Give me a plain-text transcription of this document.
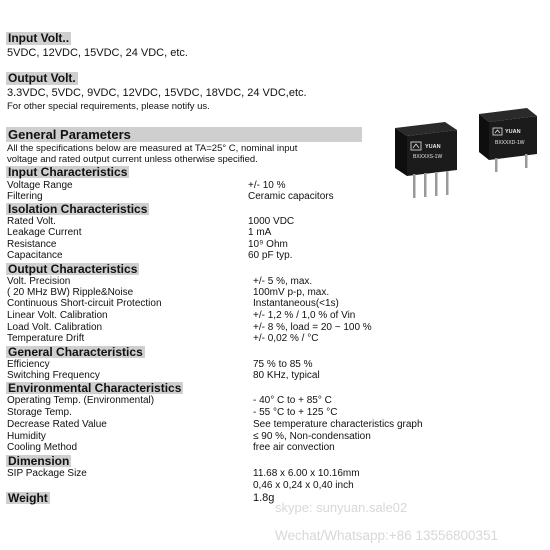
Input Volt..
5VDC, 12VDC, 15VDC, 24 VDC, etc.
Output Volt.
3.3VDC, 5VDC, 9VDC, 12VDC, 15VDC, 18VDC, 24 VDC,etc.
For other special requirements, please notify us.
General Parameters
All the specifications below are measured at TA=25° C, nominal input
voltage and rated output current unless otherwise specified.
Input Characteristics
Voltage Range	+/- 10 %
Filtering	Ceramic capacitors
Isolation Characteristics
Rated Volt.	1000 VDC
Leakage Current	1 mA
Resistance	10⁹ Ohm
Capacitance	60 pF typ.
Output Characteristics
Volt. Precision	+/- 5 %, max.
( 20 MHz BW) Ripple&Noise	100mV p-p, max.
Continuous Short-circuit Protection	Instantaneous(<1s)
Linear Volt. Calibration	+/- 1,2 % / 1,0 % of Vin
Load Volt. Calibration	+/- 8 %, load = 20 ~ 100 %
Temperature Drift	+/- 0,02 % / °C
General Characteristics
Efficiency	75 % to 85 %
Switching Frequency	80 KHz, typical
Environmental Characteristics
Operating Temp. (Environmental)	- 40° C to + 85° C
Storage Temp.	- 55 °C to + 125 °C
Decrease Rated Value	See temperature characteristics graph
Humidity	≤ 90 %, Non-condensation
Cooling Method	free air convection
Dimension
SIP Package Size	11.68 x 6.00 x 10.16mm
0,46 x 0,24 x 0,40 inch
Weight	1.8g
YUAN
BXXXXS-1W
YUAN
BXXXXD-1W
skype: sunyuan.sale02
Wechat/Whatsapp:+86 13556800351
